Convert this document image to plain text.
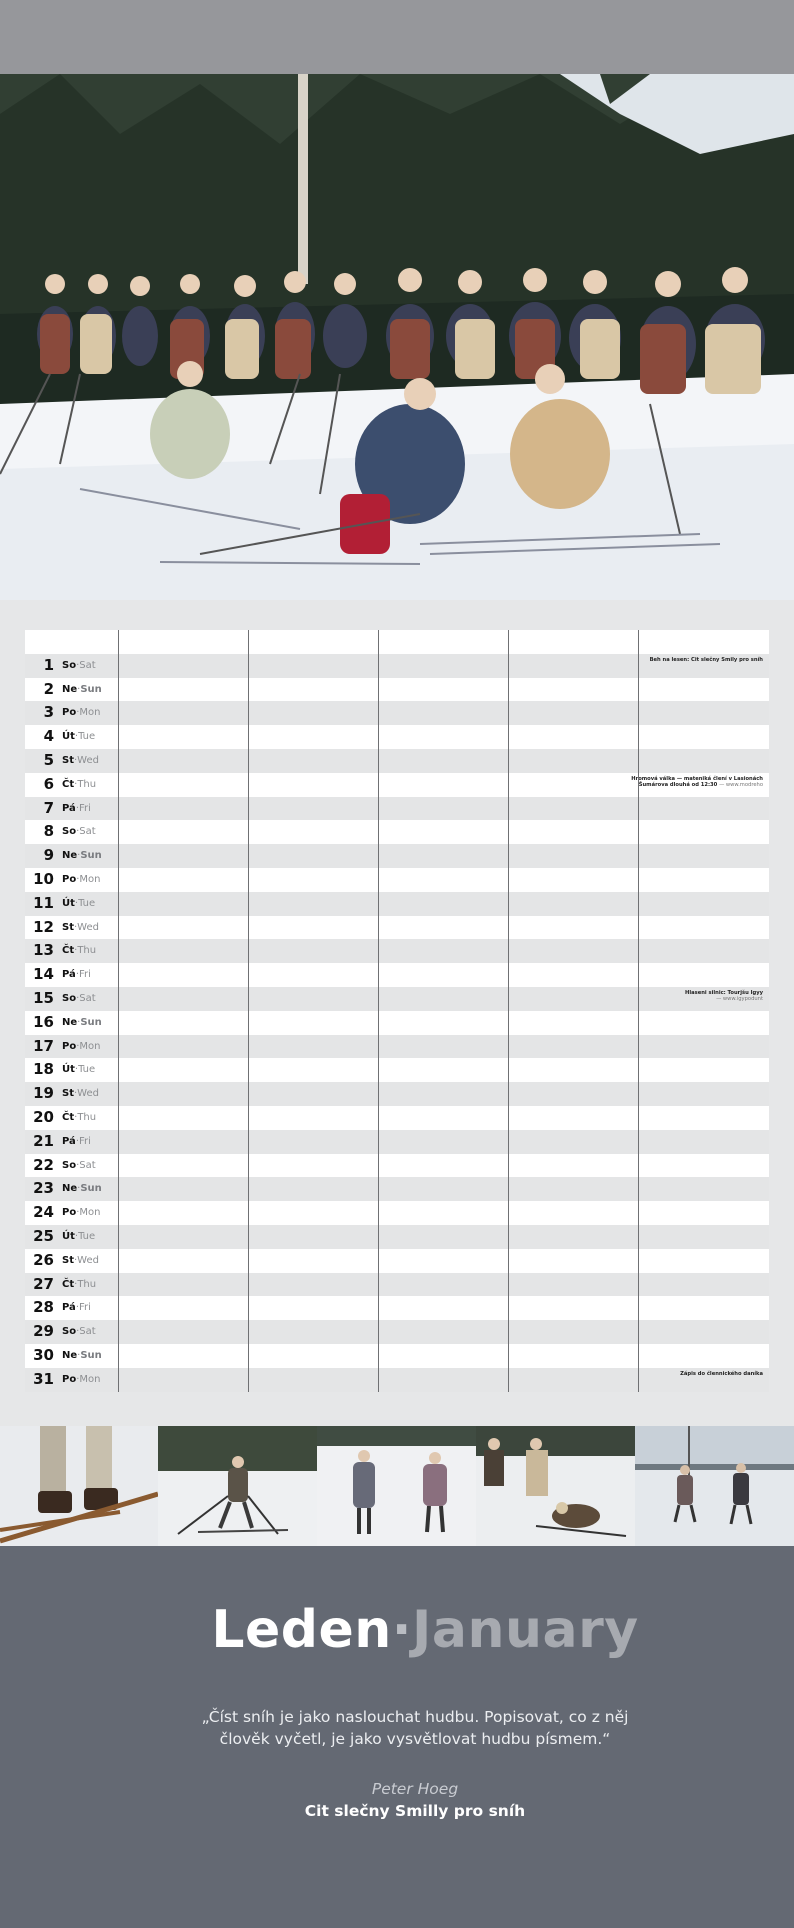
1 So·Sat	Beh na lesen: Cit slečny Smily pro sníh
2 Ne·Sun
3 Po·Mon
4 Út·Tue
5 St·Wed
6 Čt·Thu	Hromová válka — mateniká člení v Lasionách
Šumárova dlouhá od 12:30 — www.modreho
7 Pá·Fri
8 So·Sat
9 Ne·Sun
10 Po·Mon
11 Út·Tue
12 St·Wed
13 Čt·Thu
14 Pá·Fri
15 So·Sat	Hlaseni silnic: Tourjšu Igyy
— www.igypodunt
16 Ne·Sun
17 Po·Mon
18 Út·Tue
19 St·Wed
20 Čt·Thu
21 Pá·Fri
22 So·Sat
23 Ne·Sun
24 Po·Mon
25 Út·Tue
26 St·Wed
27 Čt·Thu
28 Pá·Fri
29 So·Sat
30 Ne·Sun
31 Po·Mon	Zápis do člennického daníka
Leden·January
„Číst sníh je jako naslouchat hudbu. Popisovat, co z něj
člověk vyčetl, je jako vysvětlovat hudbu písmem.“
Peter Hoeg
Cit slečny Smilly pro sníh
